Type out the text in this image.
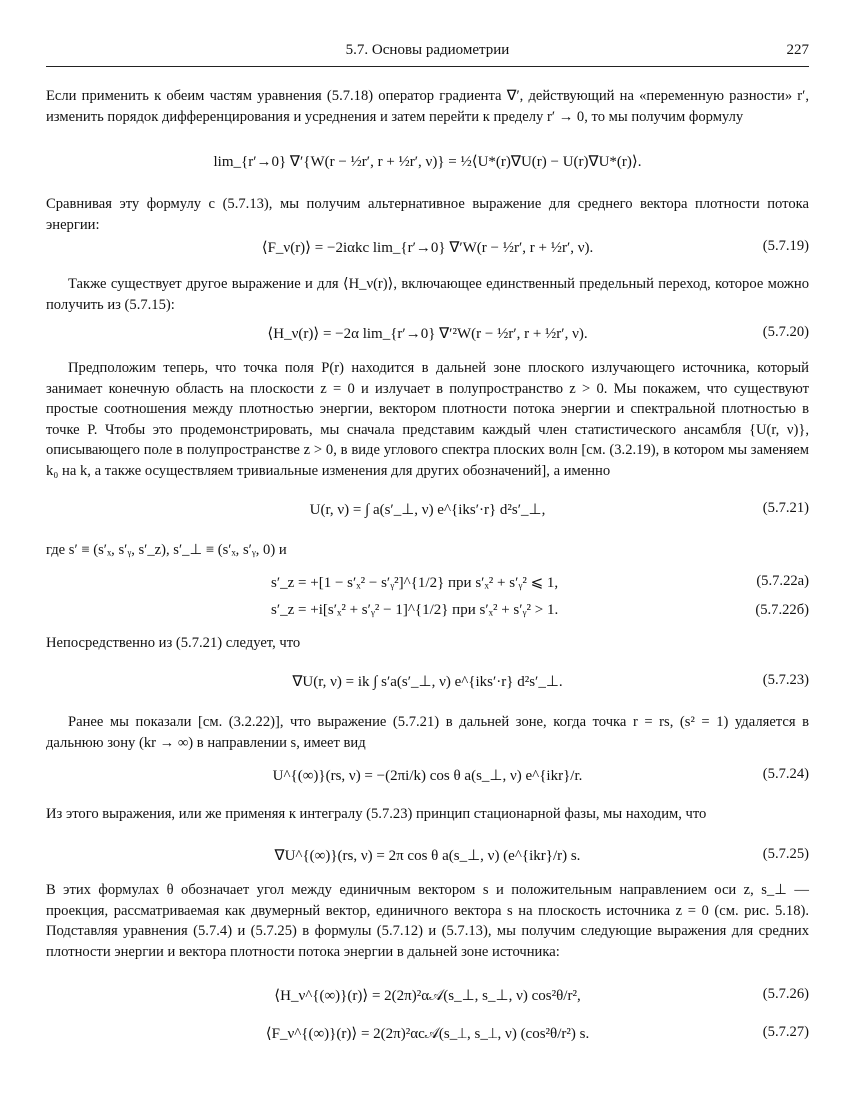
5.7. Основы радиометрии	227
Если применить к обеим частям уравнения (5.7.18) оператор градиента ∇′, действующий на «переменную разности» r′, изменить порядок дифференцирования и усреднения и затем перейти к пределу r′ → 0, то мы получим формулу
lim_{r′→0} ∇′{W(r − ½r′, r + ½r′, ν)} = ½⟨U*(r)∇U(r) − U(r)∇U*(r)⟩.
Сравнивая эту формулу с (5.7.13), мы получим альтернативное выражение для среднего вектора плотности потока энергии:
⟨F_ν(r)⟩ = −2iαkc lim_{r′→0} ∇′W(r − ½r′, r + ½r′, ν).	(5.7.19)
Также существует другое выражение и для ⟨H_ν(r)⟩, включающее единственный предельный переход, которое можно получить из (5.7.15):
⟨H_ν(r)⟩ = −2α lim_{r′→0} ∇′²W(r − ½r′, r + ½r′, ν).	(5.7.20)
Предположим теперь, что точка поля P(r) находится в дальней зоне плоского излучающего источника, который занимает конечную область на плоскости z = 0 и излучает в полупространство z > 0. Мы покажем, что существуют простые соотношения между плотностью энергии, вектором плотности потока энергии и спектральной плотностью в точке P. Чтобы это продемонстрировать, мы сначала представим каждый член статистического ансамбля {U(r, ν)}, описывающего поле в полупространстве z > 0, в виде углового спектра плоских волн [см. (3.2.19), в котором мы заменяем k₀ на k, а также осуществляем тривиальные изменения для других обозначений], а именно
U(r, ν) = ∫ a(s′_⊥, ν) e^{iks′·r} d²s′_⊥,	(5.7.21)
где s′ ≡ (s′ₓ, s′ᵧ, s′_z), s′_⊥ ≡ (s′ₓ, s′ᵧ, 0) и
s′_z = +[1 − s′ₓ² − s′ᵧ²]^{1/2} при s′ₓ² + s′ᵧ² ⩽ 1,	(5.7.22а)
s′_z = +i[s′ₓ² + s′ᵧ² − 1]^{1/2} при s′ₓ² + s′ᵧ² > 1.	(5.7.22б)
Непосредственно из (5.7.21) следует, что
∇U(r, ν) = ik ∫ s′a(s′_⊥, ν) e^{iks′·r} d²s′_⊥.	(5.7.23)
Ранее мы показали [см. (3.2.22)], что выражение (5.7.21) в дальней зоне, когда точка r = rs, (s² = 1) удаляется в дальнюю зону (kr → ∞) в направлении s, имеет вид
U^{(∞)}(rs, ν) = −(2πi/k) cos θ a(s_⊥, ν) e^{ikr}/r.	(5.7.24)
Из этого выражения, или же применяя к интегралу (5.7.23) принцип стационарной фазы, мы находим, что
∇U^{(∞)}(rs, ν) = 2π cos θ a(s_⊥, ν) (e^{ikr}/r) s.	(5.7.25)
В этих формулах θ обозначает угол между единичным вектором s и положительным направлением оси z, s_⊥ — проекция, рассматриваемая как двумерный вектор, единичного вектора s на плоскость источника z = 0 (см. рис. 5.18). Подставляя уравнения (5.7.4) и (5.7.25) в формулы (5.7.12) и (5.7.13), мы получим следующие выражения для средних плотности энергии и вектора плотности потока энергии в дальней зоне источника:
⟨H_ν^{(∞)}(r)⟩ = 2(2π)²α𝒜(s_⊥, s_⊥, ν) cos²θ/r²,	(5.7.26)
⟨F_ν^{(∞)}(r)⟩ = 2(2π)²αc𝒜(s_⊥, s_⊥, ν) (cos²θ/r²) s.	(5.7.27)
